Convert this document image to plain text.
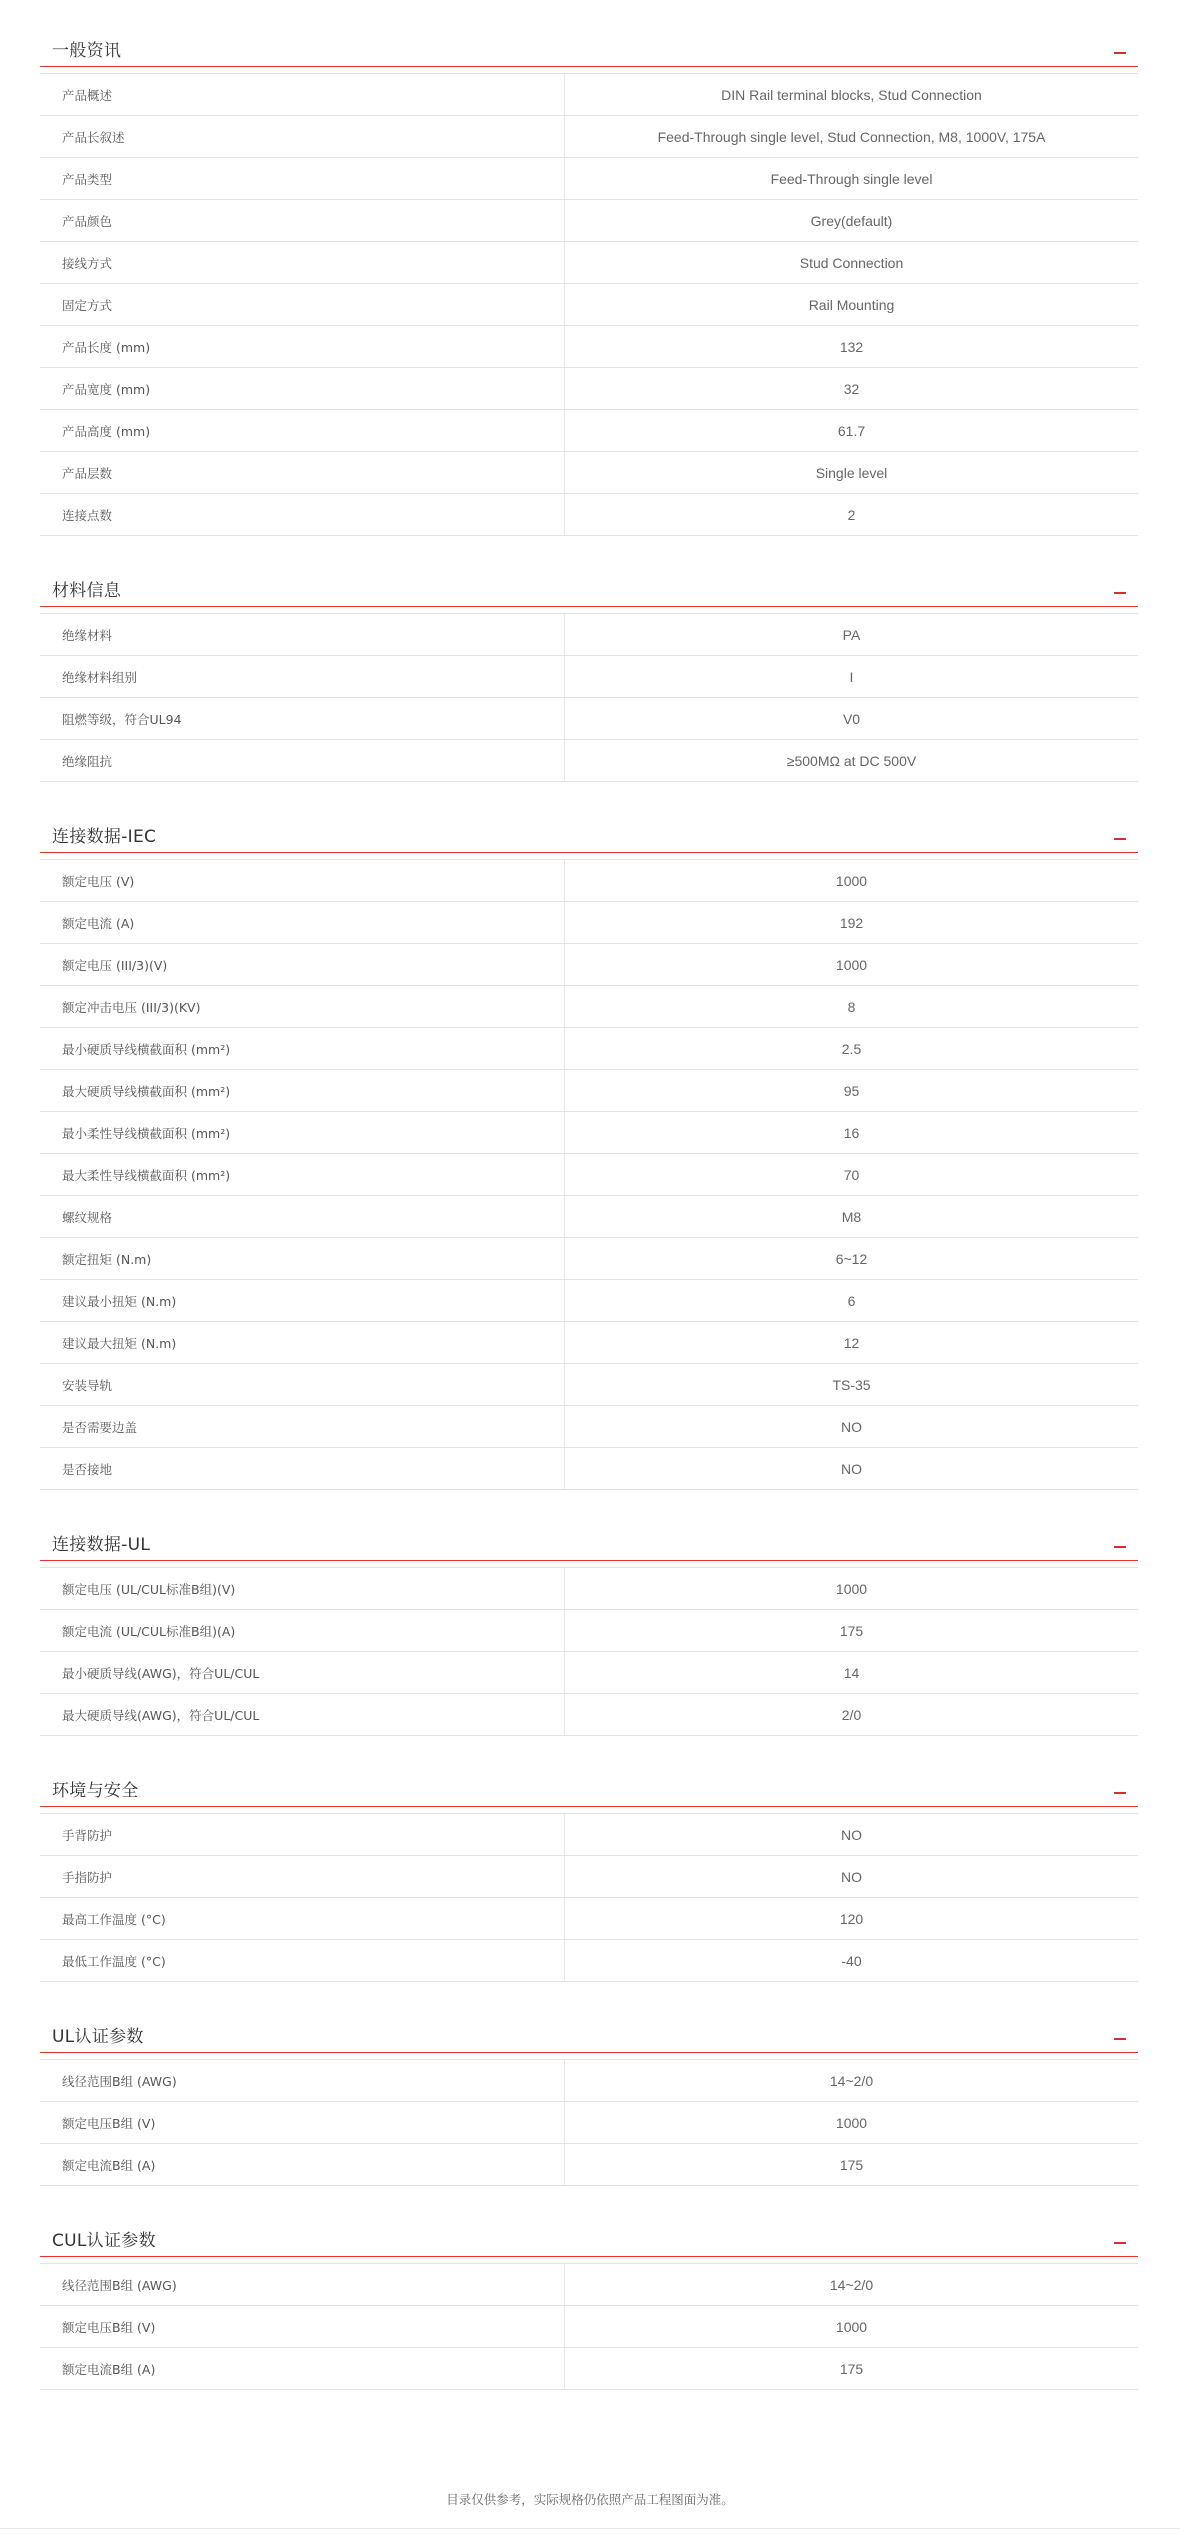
一般资讯
产品概述	DIN Rail terminal blocks, Stud Connection
产品长叙述	Feed-Through single level, Stud Connection, M8, 1000V, 175A
产品类型	Feed-Through single level
产品颜色	Grey(default)
接线方式	Stud Connection
固定方式	Rail Mounting
产品长度 (mm)	132
产品宽度 (mm)	32
产品高度 (mm)	61.7
产品层数	Single level
连接点数	2
材料信息
绝缘材料	PA
绝缘材料组别	I
阻燃等级，符合UL94	V0
绝缘阻抗	≥500MΩ at DC 500V
连接数据-IEC
额定电压 (V)	1000
额定电流 (A)	192
额定电压 (III/3)(V)	1000
额定冲击电压 (III/3)(KV)	8
最小硬质导线横截面积 (mm²)	2.5
最大硬质导线横截面积 (mm²)	95
最小柔性导线横截面积 (mm²)	16
最大柔性导线横截面积 (mm²)	70
螺纹规格	M8
额定扭矩 (N.m)	6~12
建议最小扭矩 (N.m)	6
建议最大扭矩 (N.m)	12
安装导轨	TS-35
是否需要边盖	NO
是否接地	NO
连接数据-UL
额定电压 (UL/CUL标准B组)(V)	1000
额定电流 (UL/CUL标准B组)(A)	175
最小硬质导线(AWG)，符合UL/CUL	14
最大硬质导线(AWG)，符合UL/CUL	2/0
环境与安全
手背防护	NO
手指防护	NO
最高工作温度 (°C)	120
最低工作温度 (°C)	-40
UL认证参数
线径范围B组 (AWG)	14~2/0
额定电压B组 (V)	1000
额定电流B组 (A)	175
CUL认证参数
线径范围B组 (AWG)	14~2/0
额定电压B组 (V)	1000
额定电流B组 (A)	175
目录仅供参考，实际规格仍依照产品工程图面为准。
